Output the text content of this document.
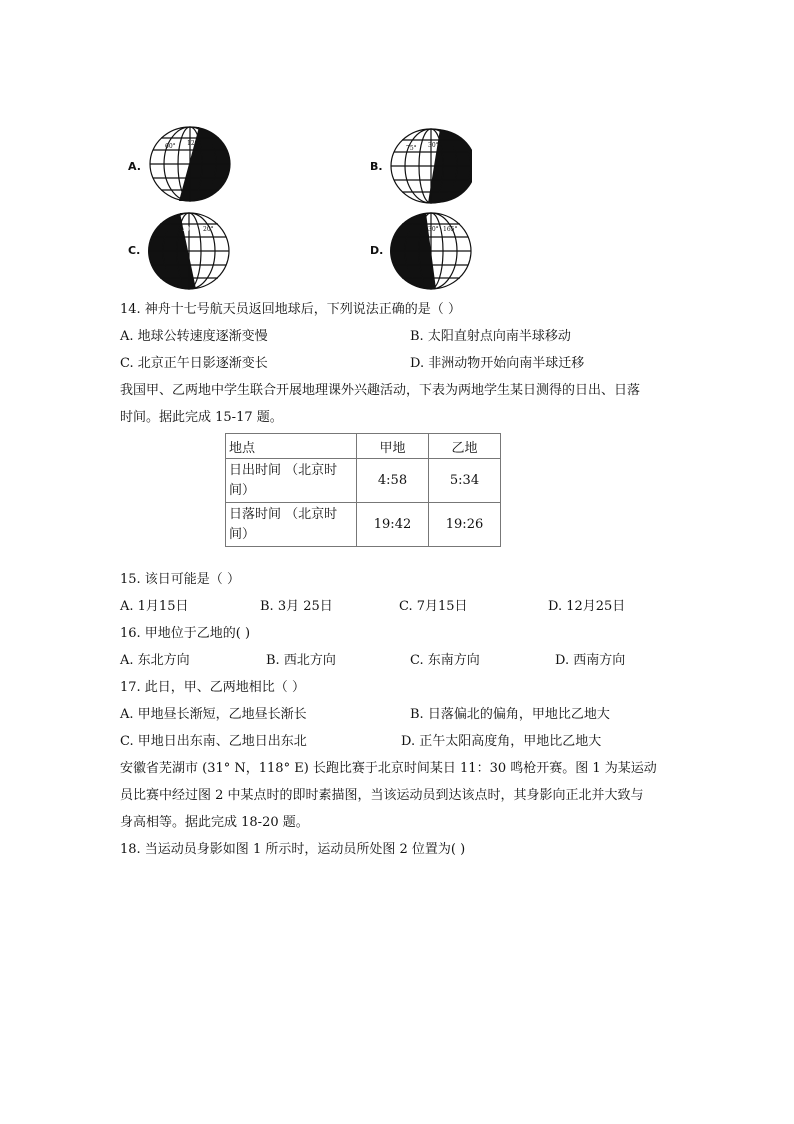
A.
60° 120°
B.
75° 30°
C.
105° 20°
D.
30° 165°
14. 神舟十七号航天员返回地球后，下列说法正确的是（ ）
A. 地球公转速度逐渐变慢	B. 太阳直射点向南半球移动
C. 北京正午日影逐渐变长	D. 非洲动物开始向南半球迁移
我国甲、乙两地中学生联合开展地理课外兴趣活动，下表为两地学生某日测得的日出、日落
时间。据此完成 15-17 题。
地点	甲地	乙地

日出时间 （北京时
间）	4:58	5:34

日落时间 （北京时
间）	19:42	19:26
15. 该日可能是（ ）
A. 1月15日	B. 3月 25日	C. 7月15日	D. 12月25日
16. 甲地位于乙地的( )
A. 东北方向	B. 西北方向	C. 东南方向	D. 西南方向
17. 此日，甲、乙两地相比（ ）
A. 甲地昼长渐短，乙地昼长渐长	B. 日落偏北的偏角，甲地比乙地大
C. 甲地日出东南、乙地日出东北	D. 正午太阳高度角，甲地比乙地大
安徽省芜湖市 (31° N，118° E) 长跑比赛于北京时间某日 11：30 鸣枪开赛。图 1 为某运动
员比赛中经过图 2 中某点时的即时素描图，当该运动员到达该点时，其身影向正北并大致与
身高相等。据此完成 18-20 题。
18. 当运动员身影如图 1 所示时，运动员所处图 2 位置为( )
